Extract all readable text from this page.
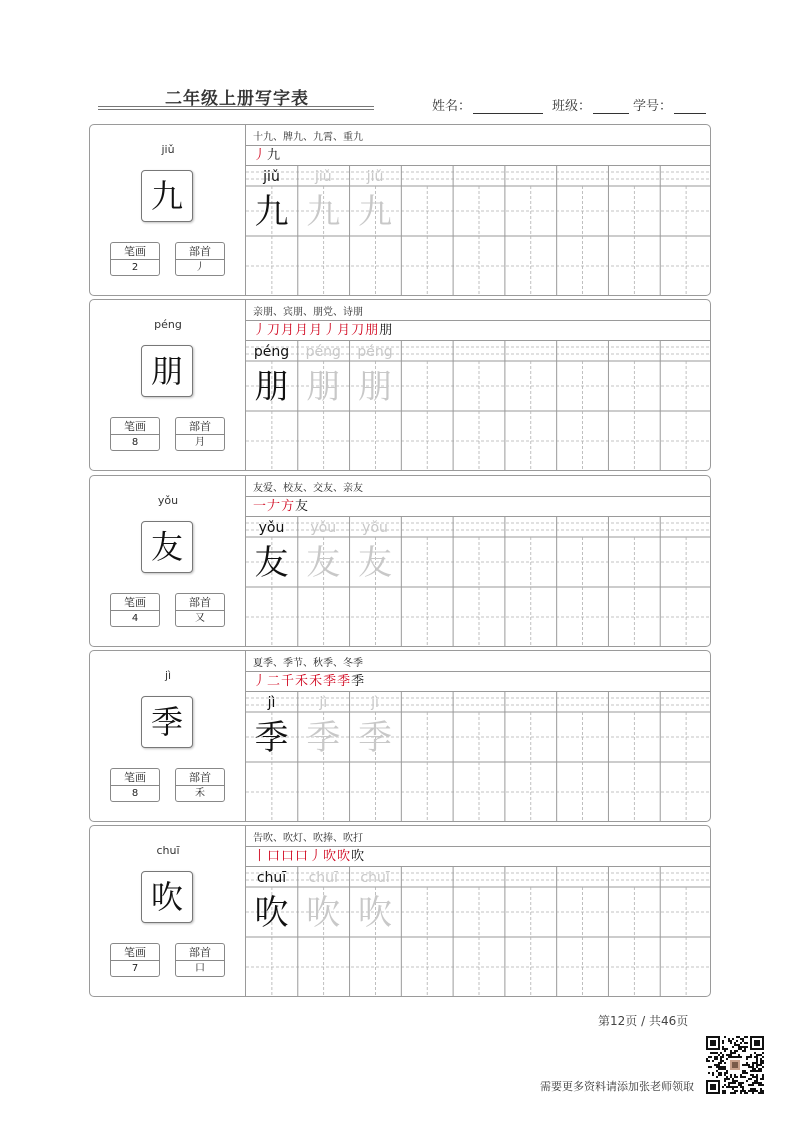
二年级上册写字表	姓名：	班级：	学号：
jiǔ
九
笔画
2
部首
丿
十九、牌九、九霄、重九
丿九
jiǔ
九
jiǔ
九
jiǔ
九
péng
朋
笔画
8
部首
月
亲朋、宾朋、朋党、诗朋
丿刀月月月丿月刀朋朋
péng
朋
péng
朋
péng
朋
yǒu
友
笔画
4
部首
又
友爱、校友、交友、亲友
一𠂇方友
yǒu
友
yǒu
友
yǒu
友
jì
季
笔画
8
部首
禾
夏季、季节、秋季、冬季
丿二千禾禾季季季
jì
季
jì
季
jì
季
chuī
吹
笔画
7
部首
口
告吹、吹灯、吹捧、吹打
丨口口口丿吹吹吹
chuī
吹
chuī
吹
chuī
吹
第12页 / 共46页
需要更多资料请添加张老师领取
